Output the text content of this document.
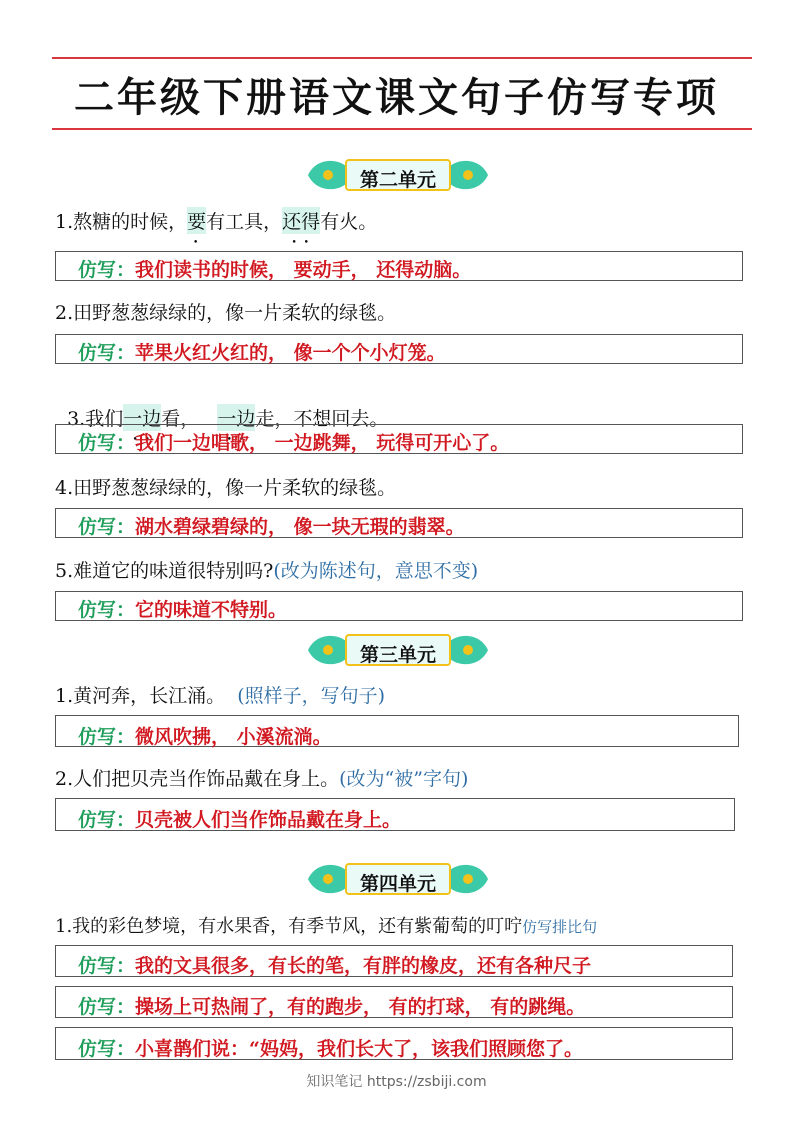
二年级下册语文课文句子仿写专项
第二单元
1.熬糖的时候，要有工具，还得 • •有火。
仿写：我们读书的时候， 要动手， 还得动脑。
2.田野葱葱绿绿的，像一片柔软的绿毯。
仿写：苹果火红火红的， 像一个个小灯笼。

3.我们一边 • •看，   一边 • •走，不想回去。

仿写：我们一边唱歌， 一边跳舞， 玩得可开心了。
4.田野葱葱绿绿的，像一片柔软的绿毯。
仿写：湖水碧绿碧绿的， 像一块无瑕的翡翠。
5.难道它的味道很特别吗?(改为陈述句，意思不变)
仿写：它的味道不特别。
第三单元
1.黄河奔，长江涌。 (照样子，写句子)
仿写：微风吹拂， 小溪流淌。
2.人们把贝壳当作饰品戴在身上。(改为“被”字句)
仿写：贝壳被人们当作饰品戴在身上。
第四单元
1.我的彩色梦境，有水果香，有季节风，还有紫葡萄的叮咛仿写排比句
仿写：我的文具很多，有长的笔，有胖的橡皮，还有各种尺子
仿写：操场上可热闹了，有的跑步， 有的打球， 有的跳绳。
仿写：小喜鹊们说：“妈妈，我们长大了，该我们照顾您了。
知识笔记 https://zsbiji.com
